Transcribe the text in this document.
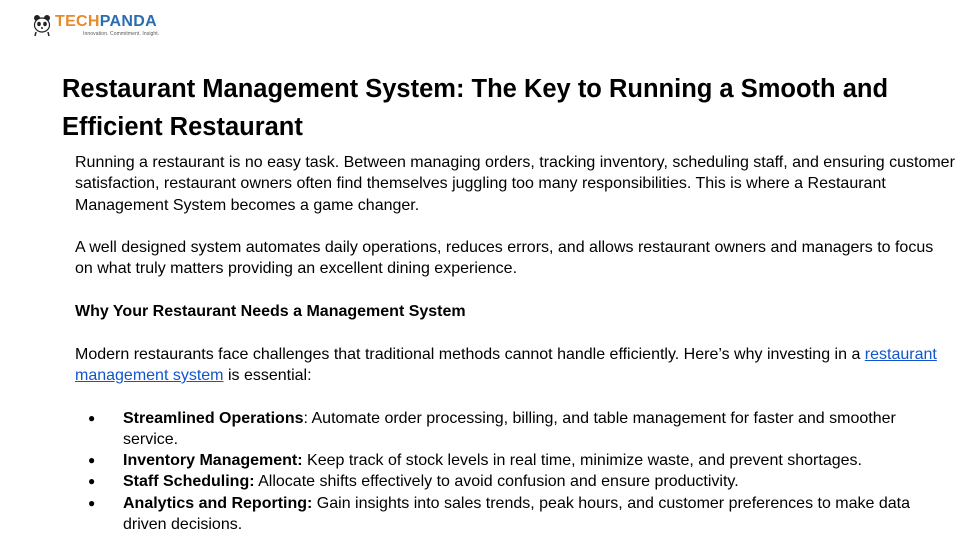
TECHPANDA
Innovation. Commitment. Insight.
Restaurant Management System: The Key to Running a Smooth and Efficient Restaurant

Running a restaurant is no easy task. Between managing orders, tracking inventory, scheduling staff, and ensuring customer satisfaction, restaurant owners often find themselves juggling too many responsibilities. This is where a Restaurant Management System becomes a game changer.

A well designed system automates daily operations, reduces errors, and allows restaurant owners and managers to focus on what truly matters providing an excellent dining experience.

Why Your Restaurant Needs a Management System

Modern restaurants face challenges that traditional methods cannot handle efficiently. Here’s why investing in a restaurant management system is essential:

● Streamlined Operations: Automate order processing, billing, and table management for faster and smoother service.
● Inventory Management: Keep track of stock levels in real time, minimize waste, and prevent shortages.
● Staff Scheduling: Allocate shifts effectively to avoid confusion and ensure productivity.
● Analytics and Reporting: Gain insights into sales trends, peak hours, and customer preferences to make data driven decisions.
